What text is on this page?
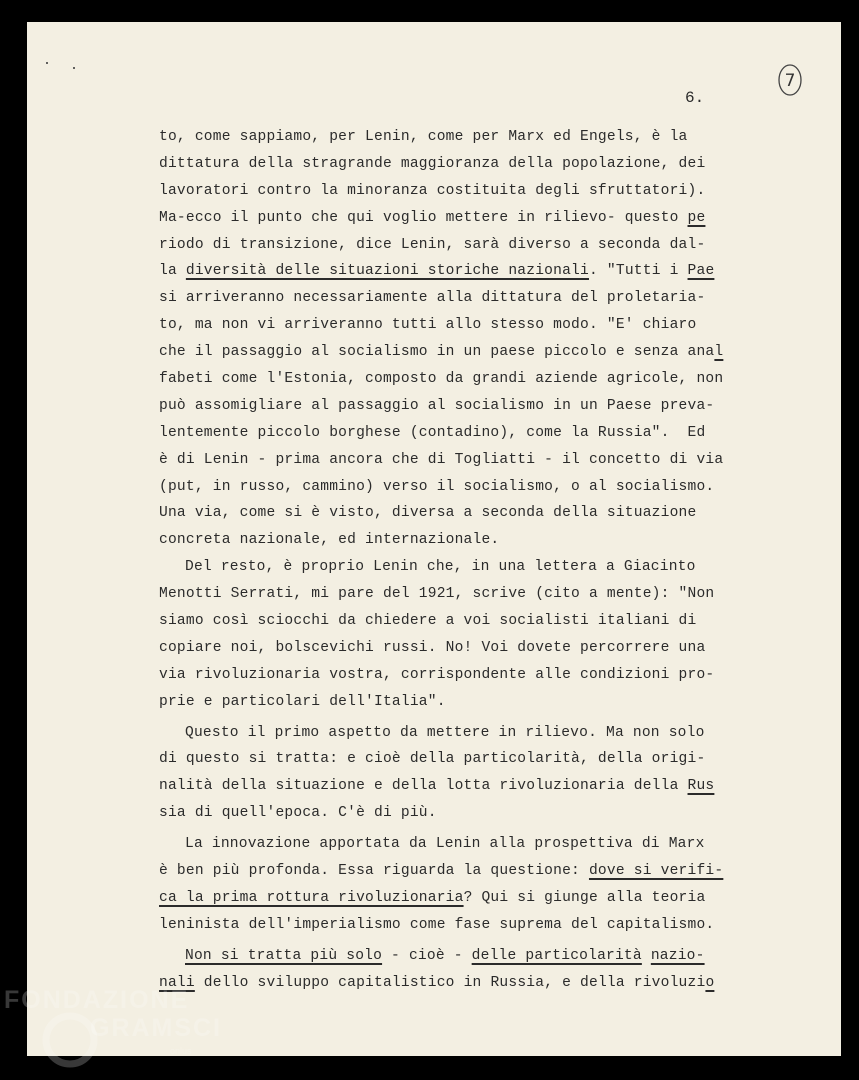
6.
7
to, come sappiamo, per Lenin, come per Marx ed Engels, è la
dittatura della stragrande maggioranza della popolazione, dei
lavoratori contro la minoranza costituita degli sfruttatori).
Ma-ecco il punto che qui voglio mettere in rilievo- questo pe
riodo di transizione, dice Lenin, sarà diverso a seconda dal-
la diversità delle situazioni storiche nazionali. "Tutti i Pae
si arriveranno necessariamente alla dittatura del proletaria-
to, ma non vi arriveranno tutti allo stesso modo. "E' chiaro
che il passaggio al socialismo in un paese piccolo e senza anal
fabeti come l'Estonia, composto da grandi aziende agricole, non
può assomigliare al passaggio al socialismo in un Paese preva-
lentemente piccolo borghese (contadino), come la Russia".  Ed
è di Lenin - prima ancora che di Togliatti - il concetto di via
(put, in russo, cammino) verso il socialismo, o al socialismo.
Una via, come si è visto, diversa a seconda della situazione
concreta nazionale, ed internazionale.
Del resto, è proprio Lenin che, in una lettera a Giacinto
Menotti Serrati, mi pare del 1921, scrive (cito a mente): "Non
siamo così sciocchi da chiedere a voi socialisti italiani di
copiare noi, bolscevichi russi. No! Voi dovete percorrere una
via rivoluzionaria vostra, corrispondente alle condizioni pro-
prie e particolari dell'Italia".
Questo il primo aspetto da mettere in rilievo. Ma non solo
di questo si tratta: e cioè della particolarità, della origi-
nalità della situazione e della lotta rivoluzionaria della Rus
sia di quell'epoca. C'è di più.
La innovazione apportata da Lenin alla prospettiva di Marx
è ben più profonda. Essa riguarda la questione: dove si verifi-
ca la prima rottura rivoluzionaria? Qui si giunge alla teoria
leninista dell'imperialismo come fase suprema del capitalismo.
Non si tratta più solo - cioè - delle particolarità nazio-
nali dello sviluppo capitalistico in Russia, e della rivoluzio
FONDAZIONE
GRAMSCI
onlus
